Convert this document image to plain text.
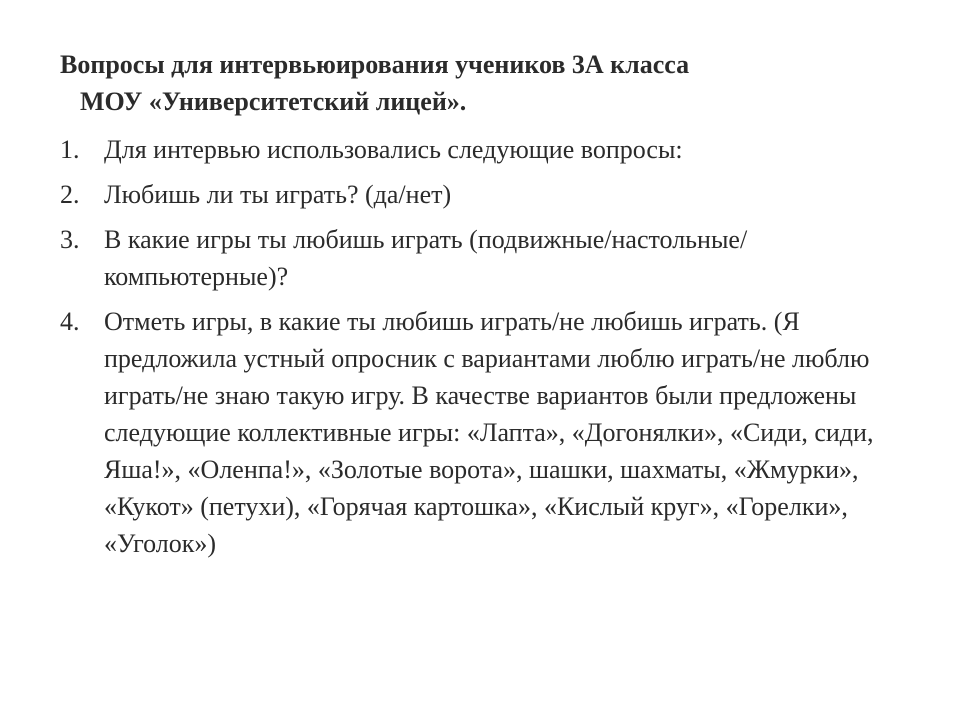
Вопросы для интервьюирования учеников 3А класса
МОУ «Университетский лицей».
1. Для интервью использовались следующие вопросы:
2. Любишь ли ты играть? (да/нет)
3. В какие игры ты любишь играть (подвижные/настольные/компьютерные)?
4. Отметь игры, в какие ты любишь играть/не любишь играть. (Я предложила устный опросник с вариантами люблю играть/не люблю играть/не знаю такую игру. В качестве вариантов были предложены следующие коллективные игры: «Лапта», «Догонялки», «Сиди, сиди, Яша!», «Оленпа!», «Золотые ворота», шашки, шахматы, «Жмурки», «Кукот» (петухи), «Горячая картошка», «Кислый круг», «Горелки», «Уголок»)
